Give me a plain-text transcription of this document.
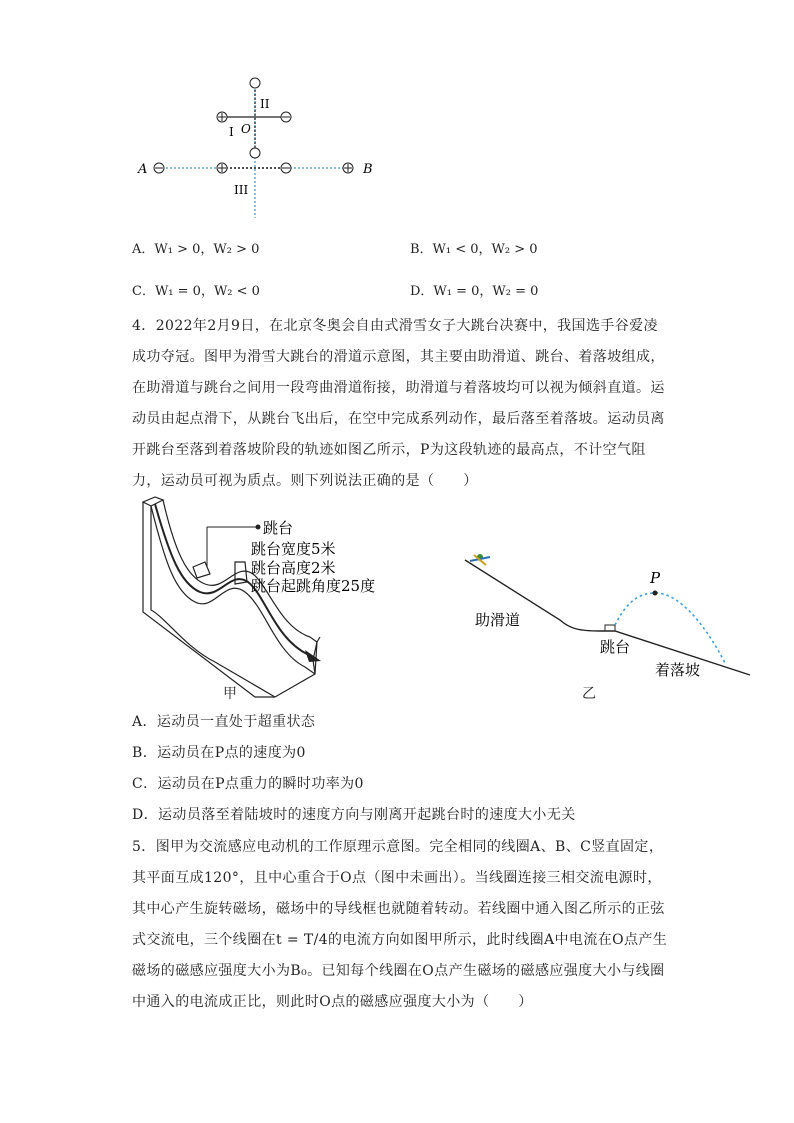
A	B
O
I
II
III
A．W₁ > 0，W₂ > 0	B．W₁ < 0，W₂ > 0
C．W₁ = 0，W₂ < 0	D．W₁ = 0，W₂ = 0
4．2022年2月9日，在北京冬奥会自由式滑雪女子大跳台决赛中，我国选手谷爱凌成功夺冠。图甲为滑雪大跳台的滑道示意图，其主要由助滑道、跳台、着落坡组成，在助滑道与跳台之间用一段弯曲滑道衔接，助滑道与着落坡均可以视为倾斜直道。运动员由起点滑下，从跳台飞出后，在空中完成系列动作，最后落至着落坡。运动员离开跳台至落到着落坡阶段的轨迹如图乙所示，P为这段轨迹的最高点，不计空气阻力，运动员可视为质点。则下列说法正确的是（　　）
跳台
跳台宽度5米
跳台高度2米
跳台起跳角度25度
甲
P
助滑道
跳台
着落坡
乙
A．运动员一直处于超重状态
B．运动员在P点的速度为0
C．运动员在P点重力的瞬时功率为0
D．运动员落至着陆坡时的速度方向与刚离开起跳台时的速度大小无关
5．图甲为交流感应电动机的工作原理示意图。完全相同的线圈A、B、C竖直固定，其平面互成120°，且中心重合于O点（图中未画出）。当线圈连接三相交流电源时，其中心产生旋转磁场，磁场中的导线框也就随着转动。若线圈中通入图乙所示的正弦式交流电，三个线圈在t = T/4的电流方向如图甲所示，此时线圈A中电流在O点产生磁场的磁感应强度大小为B₀。已知每个线圈在O点产生磁场的磁感应强度大小与线圈中通入的电流成正比，则此时O点的磁感应强度大小为（　　）
